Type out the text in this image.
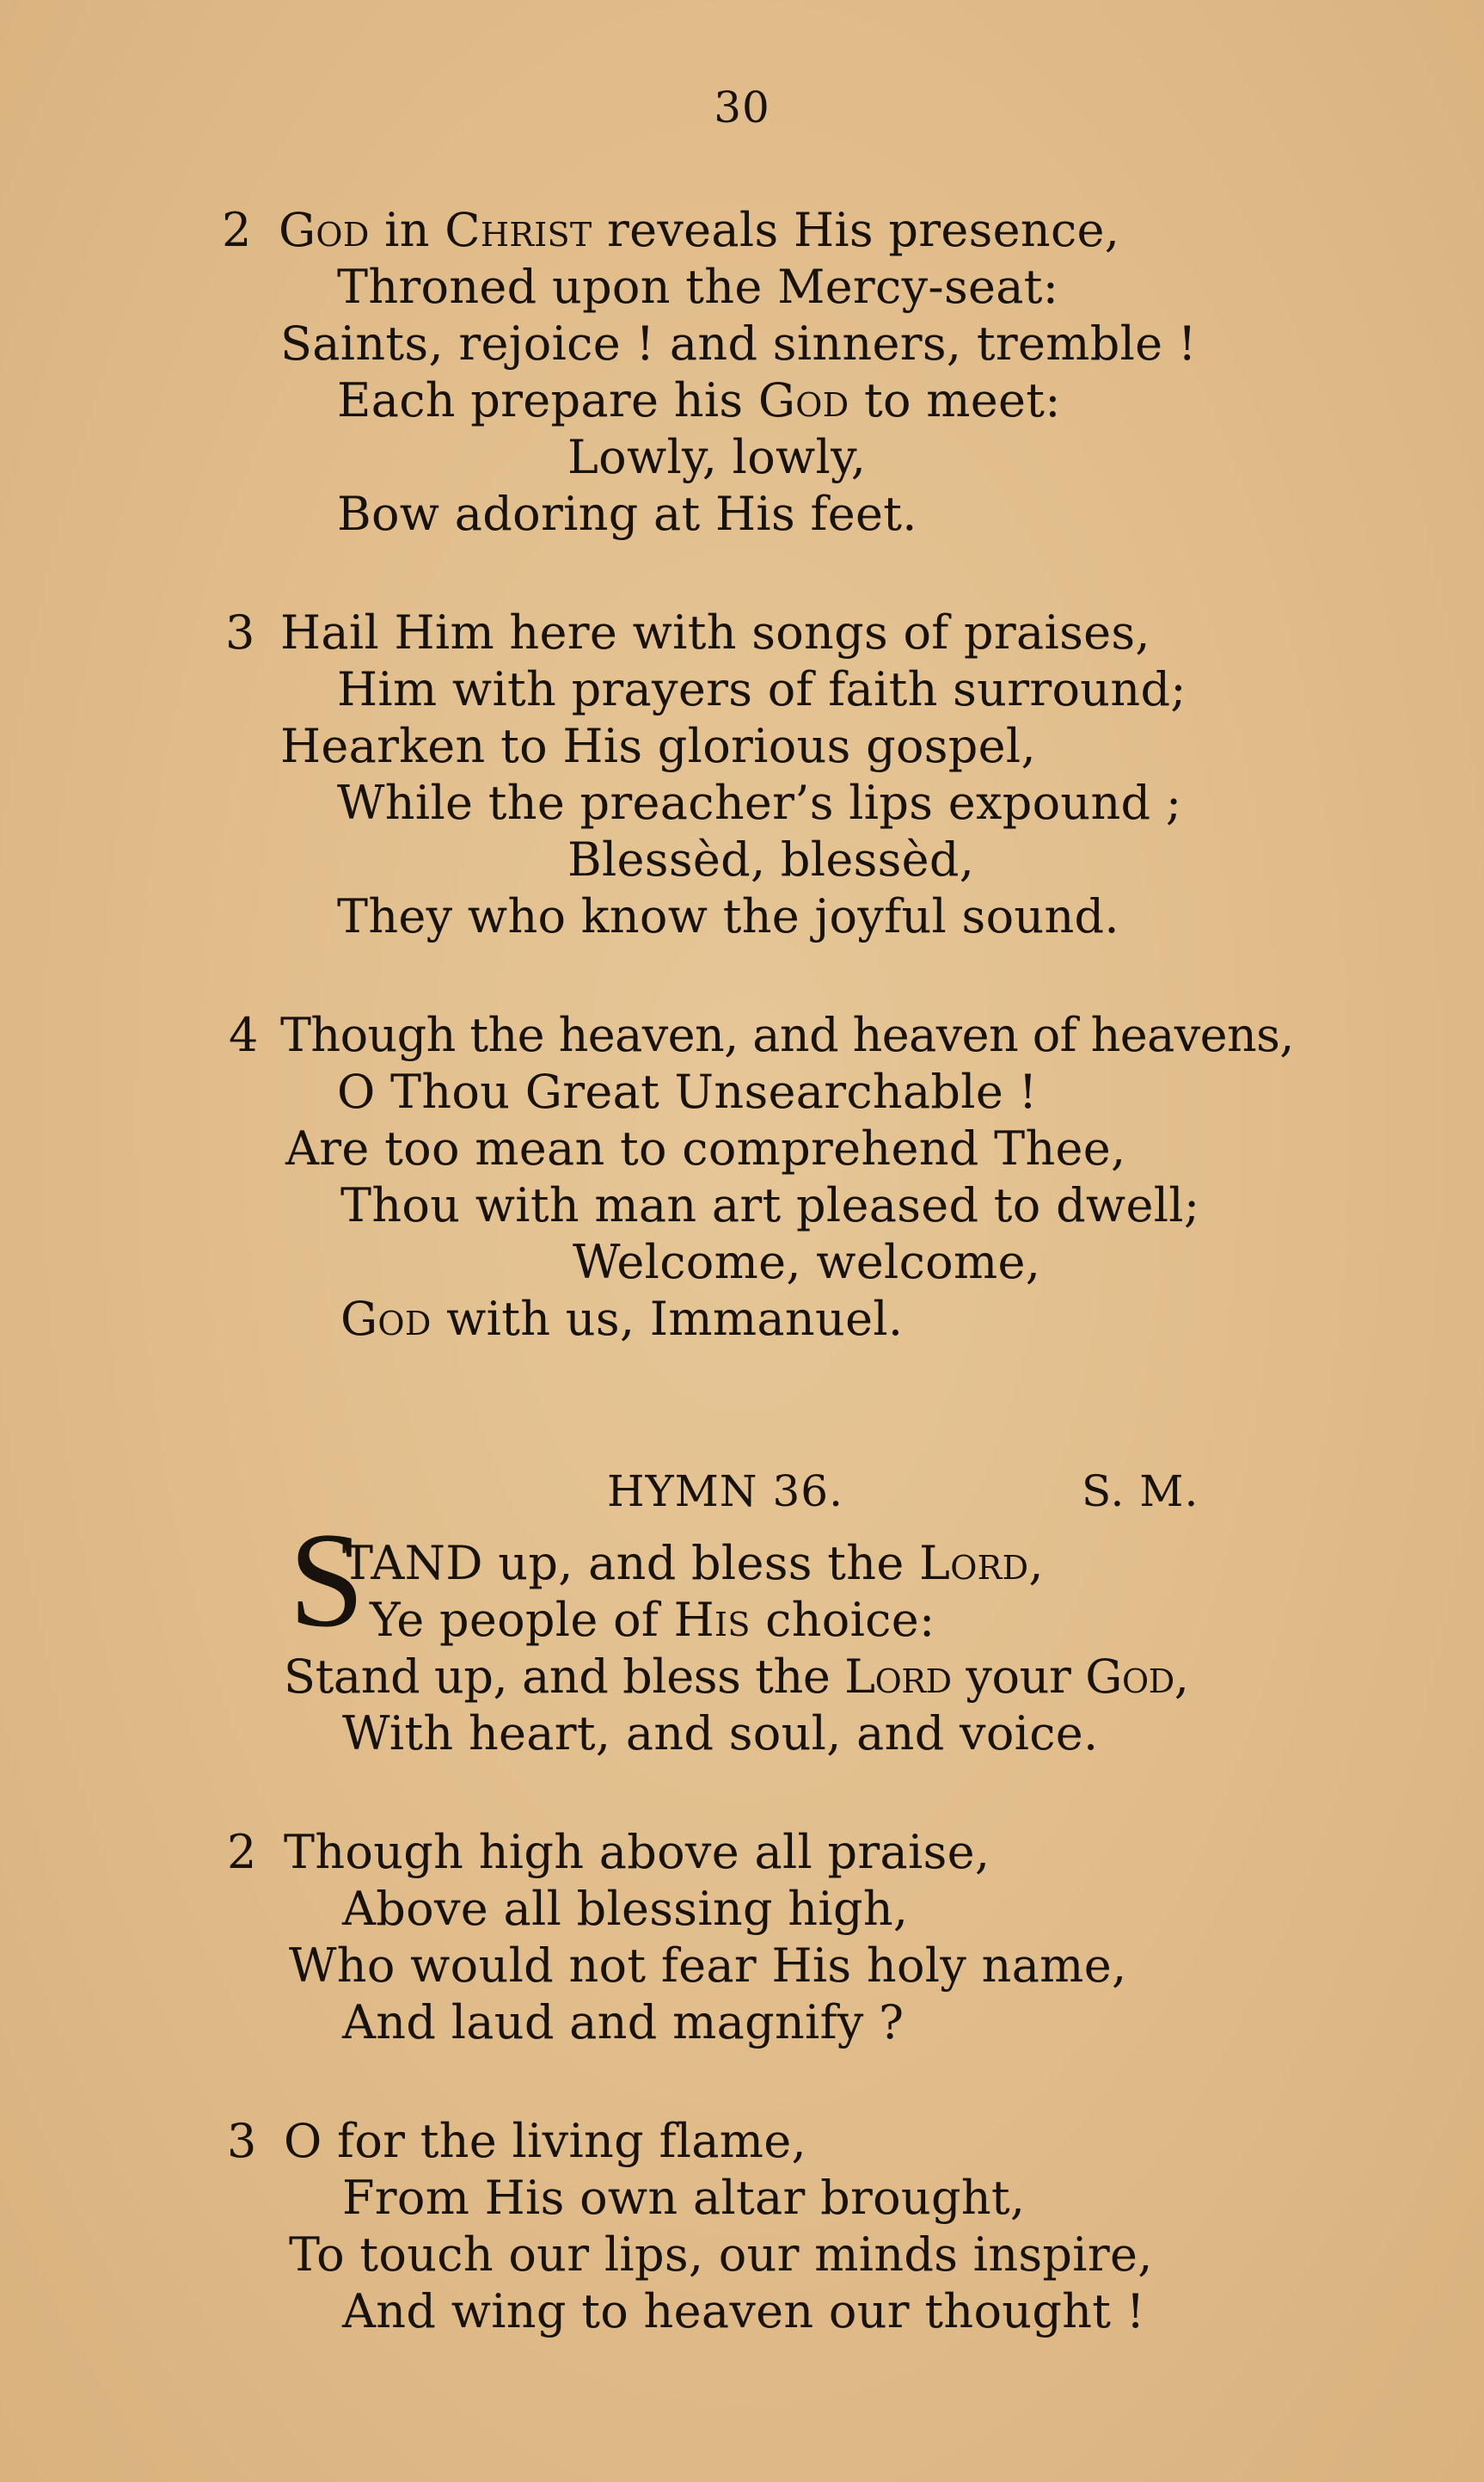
30
2 God in Christ reveals His presence,
Throned upon the Mercy-seat:
Saints, rejoice ! and sinners, tremble !
Each prepare his God to meet:
Lowly, lowly,
Bow adoring at His feet.
3 Hail Him here with songs of praises,
Him with prayers of faith surround;
Hearken to His glorious gospel,
While the preacher’s lips expound ;
Blessèd, blessèd,
They who know the joyful sound.
4 Though the heaven, and heaven of heavens,
O Thou Great Unsearchable !
Are too mean to comprehend Thee,
Thou with man art pleased to dwell;
Welcome, welcome,
God with us, Immanuel.
HYMN 36.	S. M.
S
TAND up, and bless the Lord,
Ye people of His choice:
Stand up, and bless the Lord your God,
With heart, and soul, and voice.
2 Though high above all praise,
Above all blessing high,
Who would not fear His holy name,
And laud and magnify ?
3 O for the living flame,
From His own altar brought,
To touch our lips, our minds inspire,
And wing to heaven our thought !
